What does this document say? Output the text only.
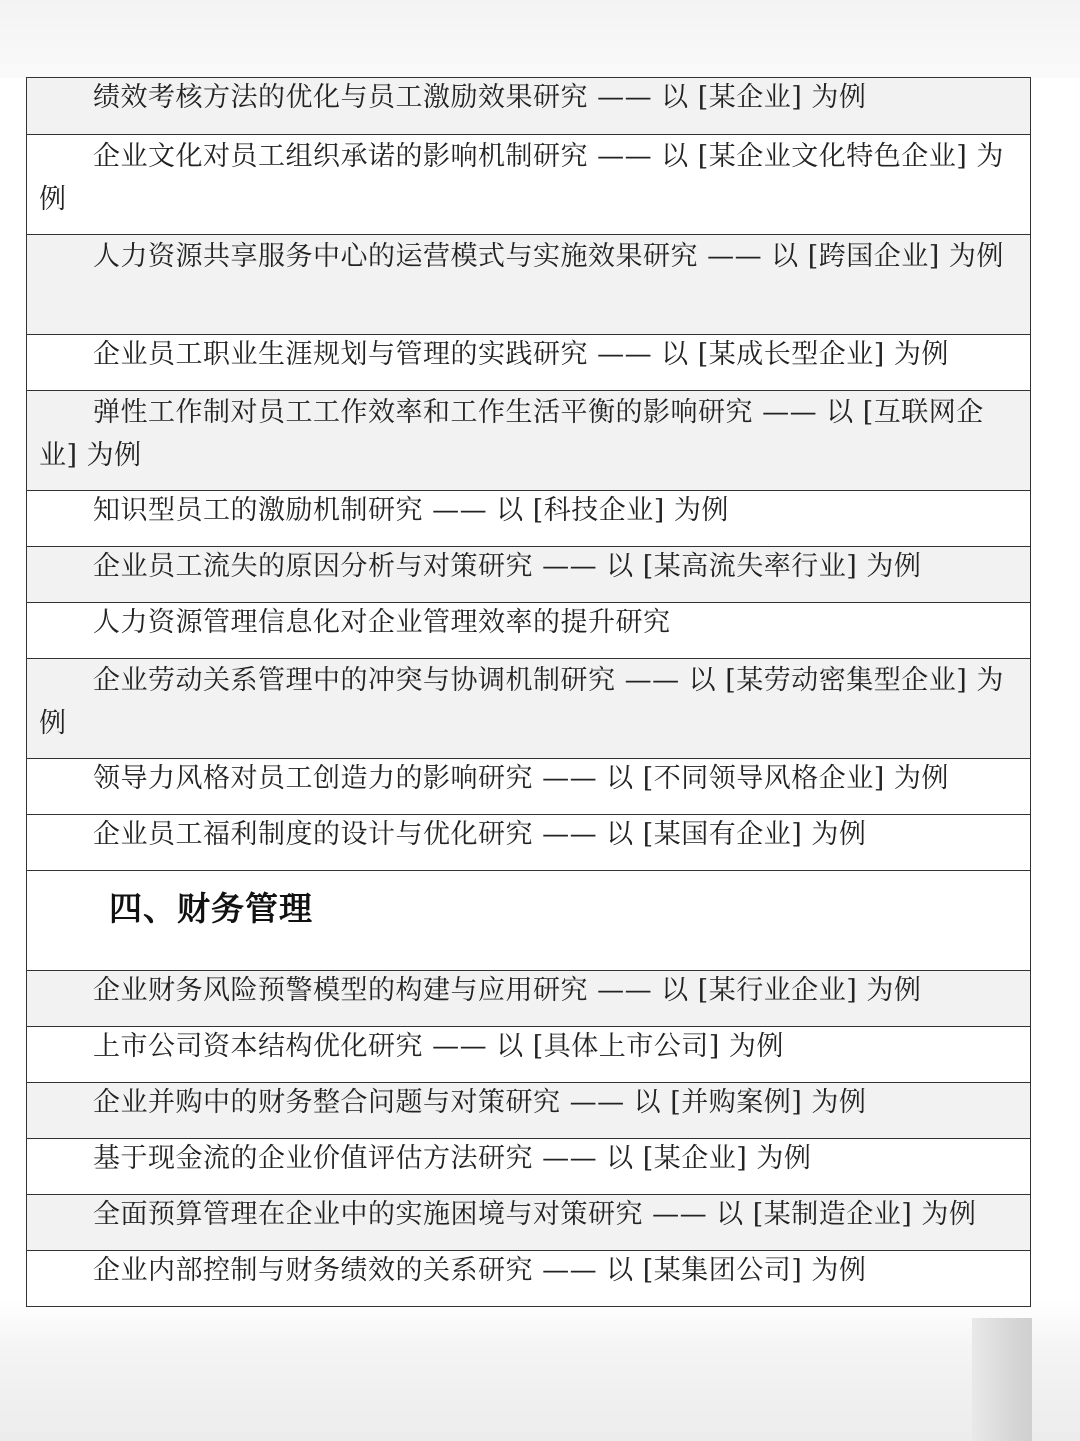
绩效考核方法的优化与员工激励效果研究 —— 以 [某企业] 为例
企业文化对员工组织承诺的影响机制研究 —— 以 [某企业文化特色企业] 为例
人力资源共享服务中心的运营模式与实施效果研究 —— 以 [跨国企业] 为例
企业员工职业生涯规划与管理的实践研究 —— 以 [某成长型企业] 为例
弹性工作制对员工工作效率和工作生活平衡的影响研究 —— 以 [互联网企业] 为例
知识型员工的激励机制研究 —— 以 [科技企业] 为例
企业员工流失的原因分析与对策研究 —— 以 [某高流失率行业] 为例
人力资源管理信息化对企业管理效率的提升研究
企业劳动关系管理中的冲突与协调机制研究 —— 以 [某劳动密集型企业] 为例
领导力风格对员工创造力的影响研究 —— 以 [不同领导风格企业] 为例
企业员工福利制度的设计与优化研究 —— 以 [某国有企业] 为例
四、财务管理
企业财务风险预警模型的构建与应用研究 —— 以 [某行业企业] 为例
上市公司资本结构优化研究 —— 以 [具体上市公司] 为例
企业并购中的财务整合问题与对策研究 —— 以 [并购案例] 为例
基于现金流的企业价值评估方法研究 —— 以 [某企业] 为例
全面预算管理在企业中的实施困境与对策研究 —— 以 [某制造企业] 为例
企业内部控制与财务绩效的关系研究 —— 以 [某集团公司] 为例
